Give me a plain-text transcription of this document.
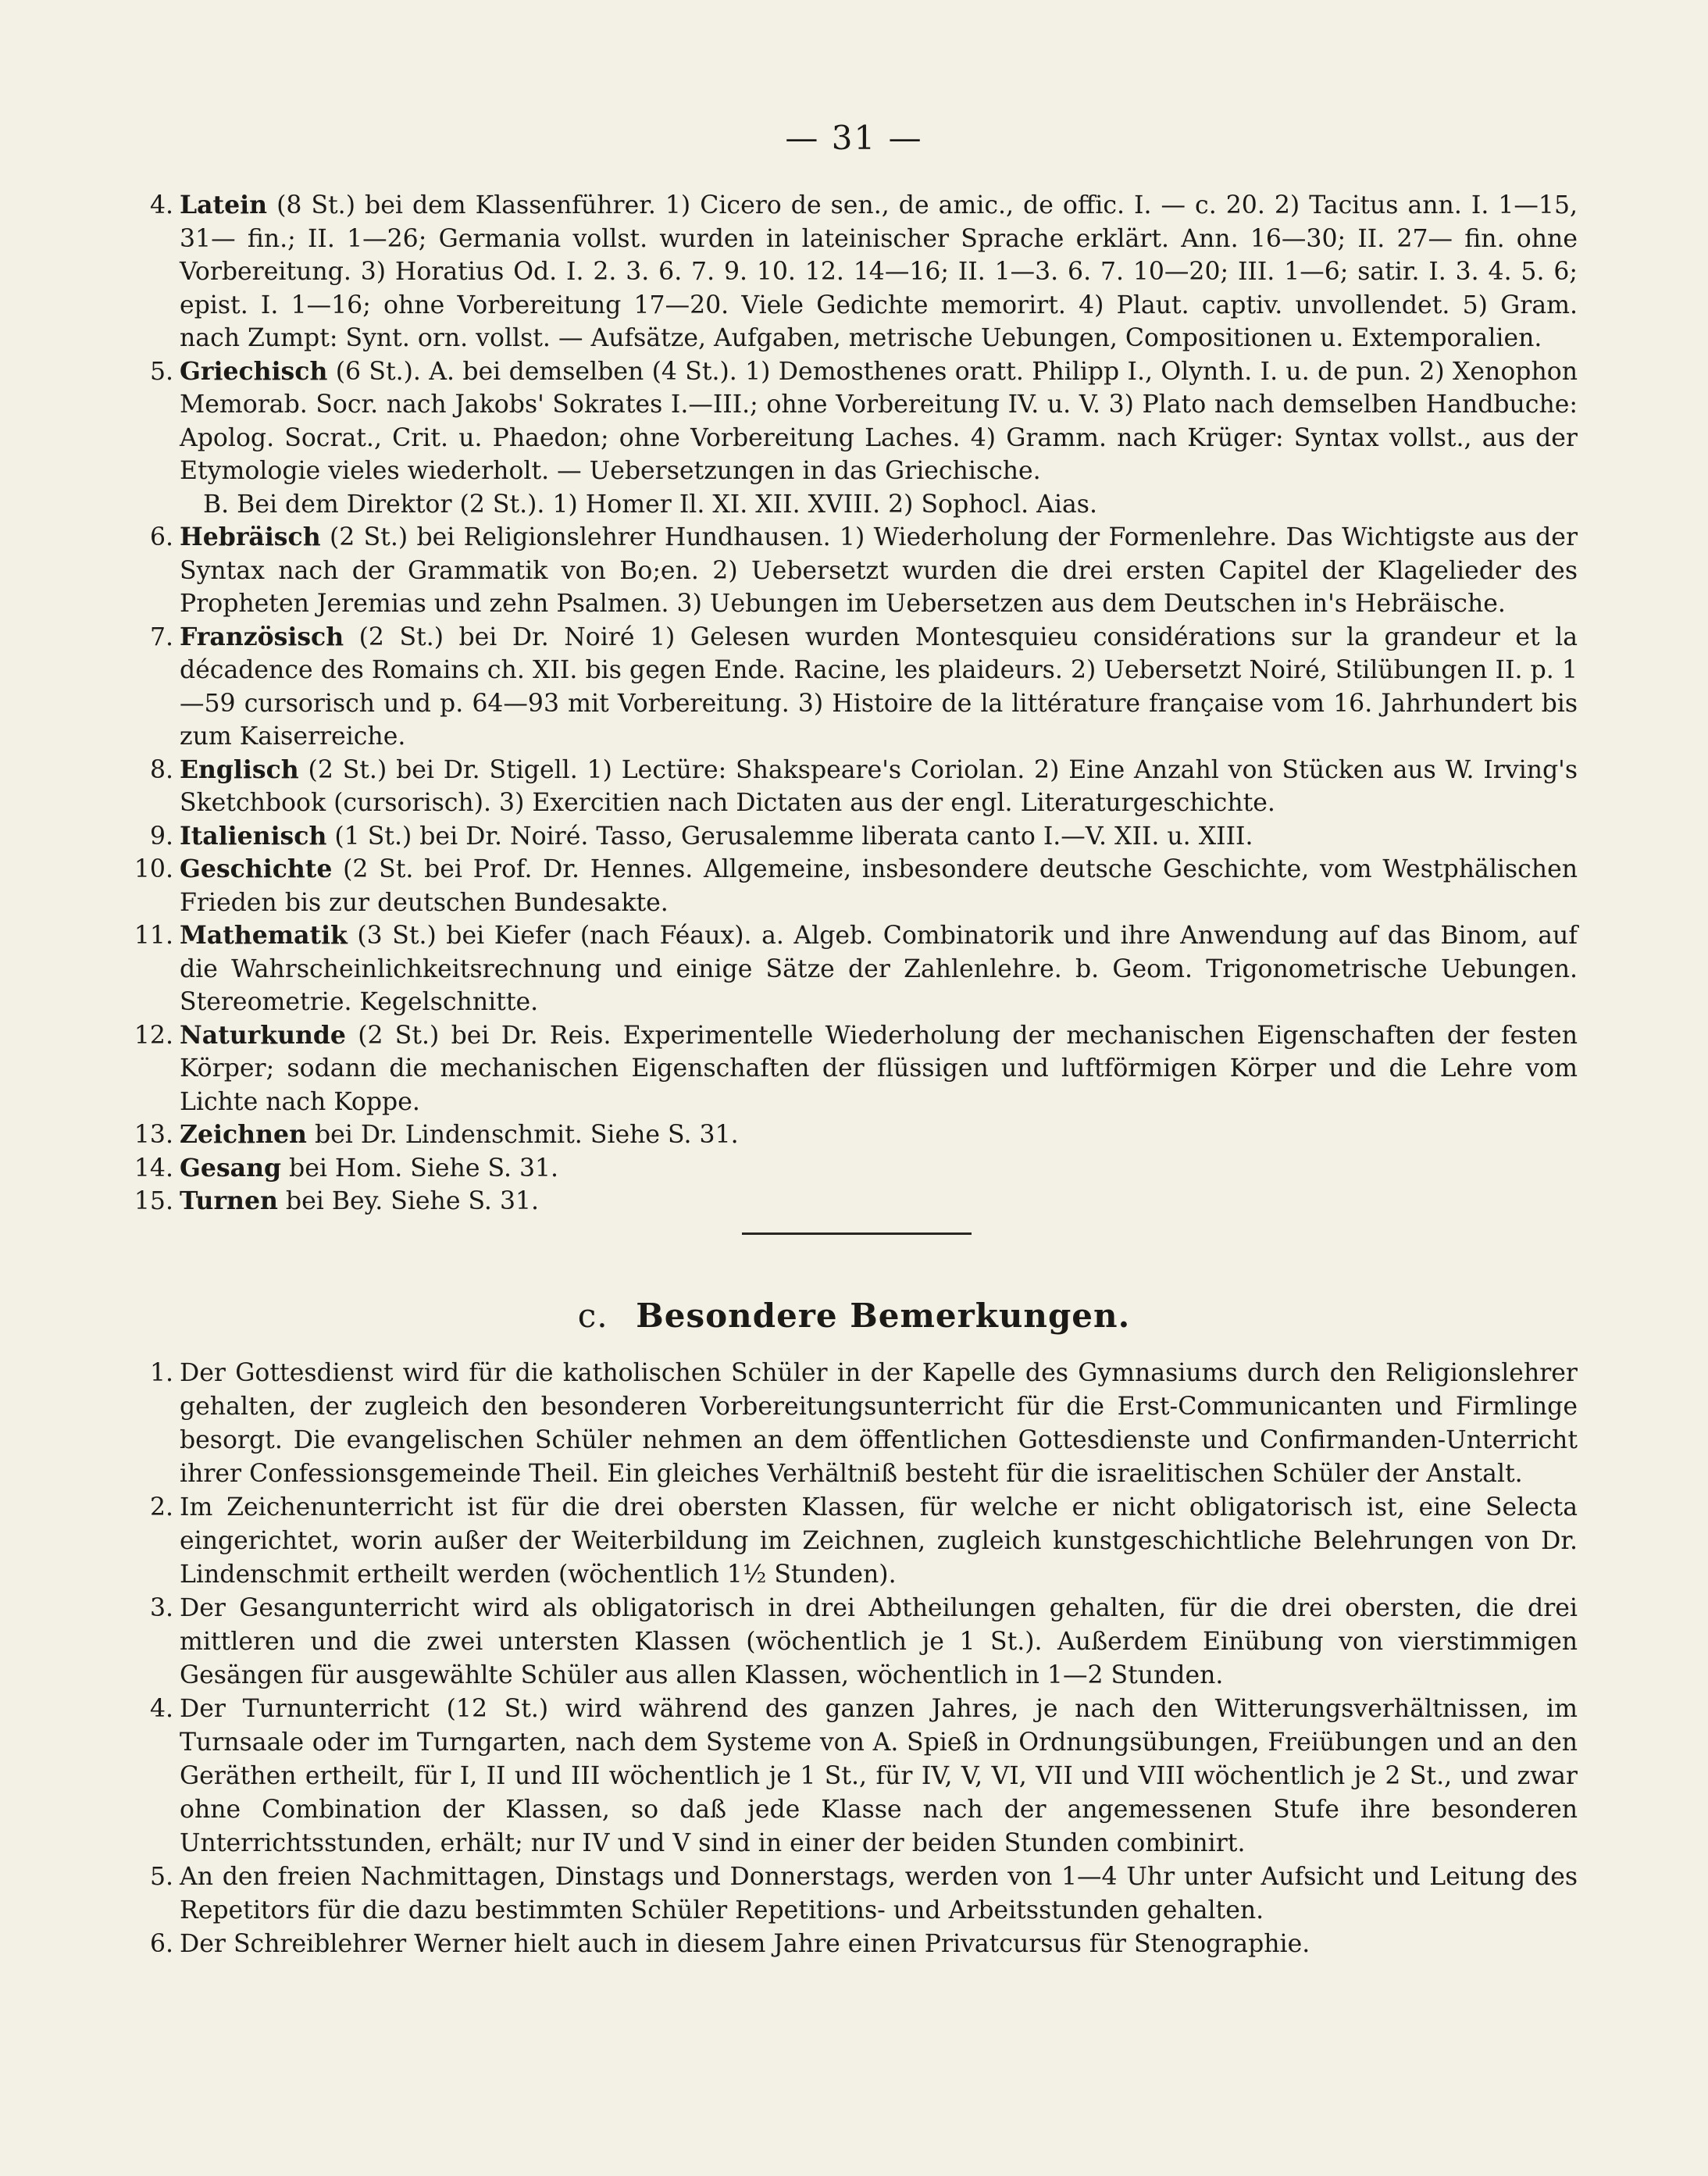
— 31 —

4. Latein (8 St.) bei dem Klassenführer. 1) Cicero de sen., de amic., de offic. I. — c. 20. 2) Tacitus ann. I. 1—15, 31— fin.; II. 1—26; Germania vollst. wurden in lateinischer Sprache erklärt. Ann. 16—30; II. 27— fin. ohne Vorbereitung. 3) Horatius Od. I. 2. 3. 6. 7. 9. 10. 12. 14—16; II. 1—3. 6. 7. 10—20; III. 1—6; satir. I. 3. 4. 5. 6; epist. I. 1—16; ohne Vorbereitung 17—20. Viele Gedichte memorirt. 4) Plaut. captiv. unvollendet. 5) Gram. nach Zumpt: Synt. orn. vollst. — Aufsätze, Aufgaben, metrische Uebungen, Compositionen u. Extemporalien.

5. Griechisch (6 St.). A. bei demselben (4 St.). 1) Demosthenes oratt. Philipp I., Olynth. I. u. de pun. 2) Xenophon Memorab. Socr. nach Jakobs' Sokrates I.—III.; ohne Vorbereitung IV. u. V. 3) Plato nach demselben Handbuche: Apolog. Socrat., Crit. u. Phaedon; ohne Vorbereitung Laches. 4) Gramm. nach Krüger: Syntax vollst., aus der Etymologie vieles wiederholt. — Uebersetzungen in das Griechische.
B. Bei dem Direktor (2 St.). 1) Homer Il. XI. XII. XVIII. 2) Sophocl. Aias.

6. Hebräisch (2 St.) bei Religionslehrer Hundhausen. 1) Wiederholung der Formenlehre. Das Wichtigste aus der Syntax nach der Grammatik von Bo;en. 2) Uebersetzt wurden die drei ersten Capitel der Klagelieder des Propheten Jeremias und zehn Psalmen. 3) Uebungen im Uebersetzen aus dem Deutschen in's Hebräische.

7. Französisch (2 St.) bei Dr. Noiré 1) Gelesen wurden Montesquieu considérations sur la grandeur et la décadence des Romains ch. XII. bis gegen Ende. Racine, les plaideurs. 2) Uebersetzt Noiré, Stilübungen II. p. 1—59 cursorisch und p. 64—93 mit Vorbereitung. 3) Histoire de la littérature française vom 16. Jahrhundert bis zum Kaiserreiche.

8. Englisch (2 St.) bei Dr. Stigell. 1) Lectüre: Shakspeare's Coriolan. 2) Eine Anzahl von Stücken aus W. Irving's Sketchbook (cursorisch). 3) Exercitien nach Dictaten aus der engl. Literaturgeschichte.

9. Italienisch (1 St.) bei Dr. Noiré. Tasso, Gerusalemme liberata canto I.—V. XII. u. XIII.

10. Geschichte (2 St. bei Prof. Dr. Hennes. Allgemeine, insbesondere deutsche Geschichte, vom Westphälischen Frieden bis zur deutschen Bundesakte.

11. Mathematik (3 St.) bei Kiefer (nach Féaux). a. Algeb. Combinatorik und ihre Anwendung auf das Binom, auf die Wahrscheinlichkeitsrechnung und einige Sätze der Zahlenlehre. b. Geom. Trigonometrische Uebungen. Stereometrie. Kegelschnitte.

12. Naturkunde (2 St.) bei Dr. Reis. Experimentelle Wiederholung der mechanischen Eigenschaften der festen Körper; sodann die mechanischen Eigenschaften der flüssigen und luftförmigen Körper und die Lehre vom Lichte nach Koppe.

13. Zeichnen bei Dr. Lindenschmit. Siehe S. 31.

14. Gesang bei Hom. Siehe S. 31.

15. Turnen bei Bey. Siehe S. 31.

c. Besondere Bemerkungen.

1. Der Gottesdienst wird für die katholischen Schüler in der Kapelle des Gymnasiums durch den Religionslehrer gehalten, der zugleich den besonderen Vorbereitungsunterricht für die Erst-Communicanten und Firmlinge besorgt. Die evangelischen Schüler nehmen an dem öffentlichen Gottesdienste und Confirmanden-Unterricht ihrer Confessionsgemeinde Theil. Ein gleiches Verhältniß besteht für die israelitischen Schüler der Anstalt.

2. Im Zeichenunterricht ist für die drei obersten Klassen, für welche er nicht obligatorisch ist, eine Selecta eingerichtet, worin außer der Weiterbildung im Zeichnen, zugleich kunstgeschichtliche Belehrungen von Dr. Lindenschmit ertheilt werden (wöchentlich 1½ Stunden).

3. Der Gesangunterricht wird als obligatorisch in drei Abtheilungen gehalten, für die drei obersten, die drei mittleren und die zwei untersten Klassen (wöchentlich je 1 St.). Außerdem Einübung von vierstimmigen Gesängen für ausgewählte Schüler aus allen Klassen, wöchentlich in 1—2 Stunden.

4. Der Turnunterricht (12 St.) wird während des ganzen Jahres, je nach den Witterungsverhältnissen, im Turnsaale oder im Turngarten, nach dem Systeme von A. Spieß in Ordnungsübungen, Freiübungen und an den Geräthen ertheilt, für I, II und III wöchentlich je 1 St., für IV, V, VI, VII und VIII wöchentlich je 2 St., und zwar ohne Combination der Klassen, so daß jede Klasse nach der angemessenen Stufe ihre besonderen Unterrichtsstunden, erhält; nur IV und V sind in einer der beiden Stunden combinirt.

5. An den freien Nachmittagen, Dinstags und Donnerstags, werden von 1—4 Uhr unter Aufsicht und Leitung des Repetitors für die dazu bestimmten Schüler Repetitions- und Arbeitsstunden gehalten.

6. Der Schreiblehrer Werner hielt auch in diesem Jahre einen Privatcursus für Stenographie.
